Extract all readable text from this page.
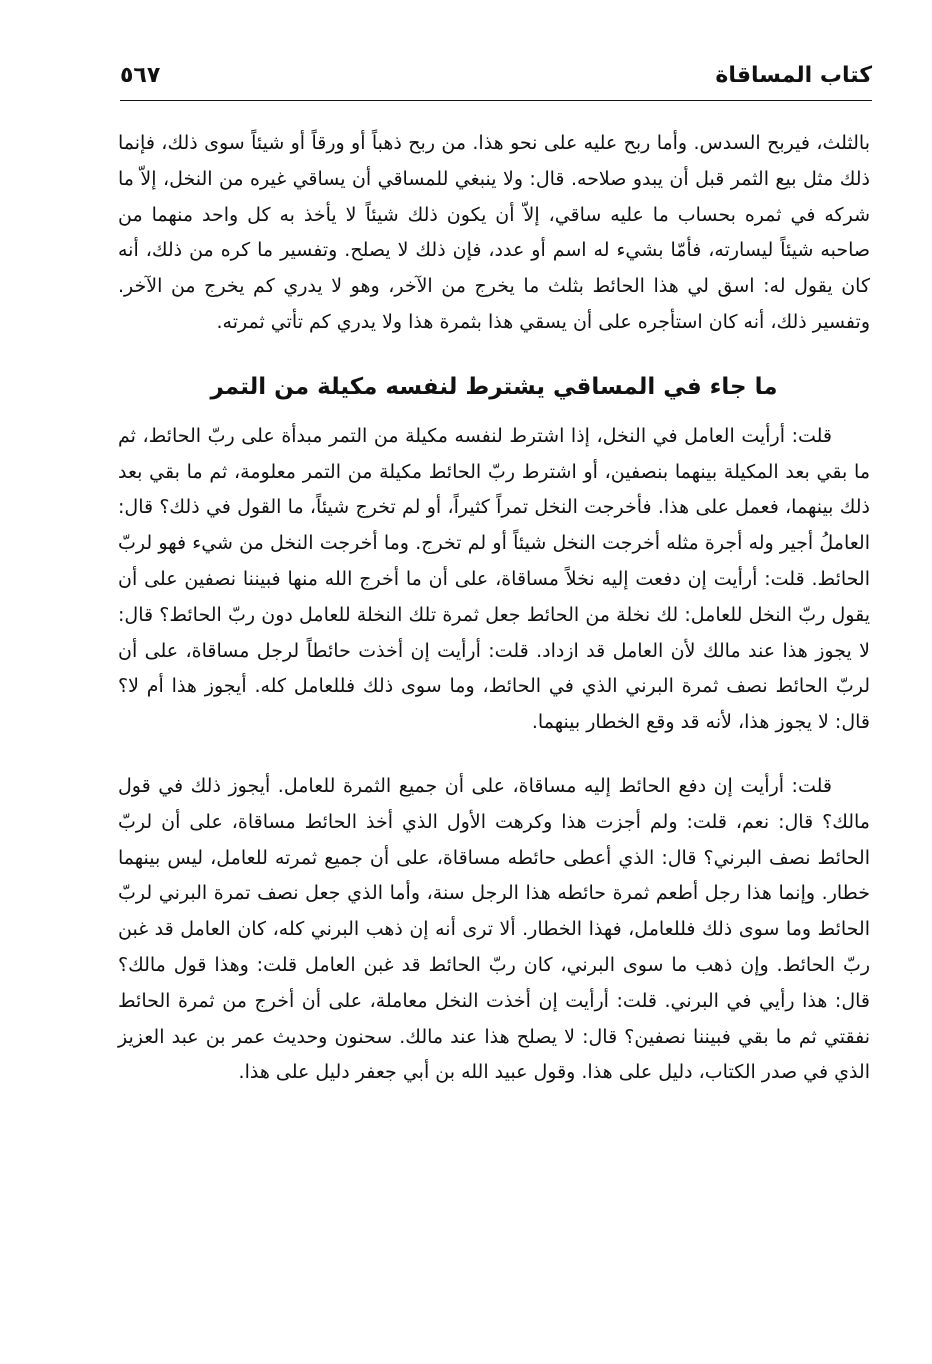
كتاب المساقاة
٥٦٧

بالثلث، فيربح السدس. وأما ربح عليه على نحو هذا. من ربح ذهباً أو ورقاً أو شيئاً سوى ذلك، فإنما ذلك مثل بيع الثمر قبل أن يبدو صلاحه. قال: ولا ينبغي للمساقي أن يساقي غيره من النخل، إلاّ ما شركه في ثمره بحساب ما عليه ساقي، إلاّ أن يكون ذلك شيئاً لا يأخذ به كل واحد منهما من صاحبه شيئاً ليسارته، فأمّا بشيء له اسم أو عدد، فإن ذلك لا يصلح. وتفسير ما كره من ذلك، أنه كان يقول له: اسق لي هذا الحائط بثلث ما يخرج من الآخر، وهو لا يدري كم يخرج من الآخر. وتفسير ذلك، أنه كان استأجره على أن يسقي هذا بثمرة هذا ولا يدري كم تأتي ثمرته.

ما جاء في المساقي يشترط لنفسه مكيلة من التمر

قلت: أرأيت العامل في النخل، إذا اشترط لنفسه مكيلة من التمر مبدأة على ربّ الحائط، ثم ما بقي بعد المكيلة بينهما بنصفين، أو اشترط ربّ الحائط مكيلة من التمر معلومة، ثم ما بقي بعد ذلك بينهما، فعمل على هذا. فأخرجت النخل تمراً كثيراً، أو لم تخرج شيئاً، ما القول في ذلك؟ قال: العاملُ أجير وله أجرة مثله أخرجت النخل شيئاً أو لم تخرج. وما أخرجت النخل من شيء فهو لربّ الحائط. قلت: أرأيت إن دفعت إليه نخلاً مساقاة، على أن ما أخرج الله منها فبيننا نصفين على أن يقول ربّ النخل للعامل: لك نخلة من الحائط جعل ثمرة تلك النخلة للعامل دون ربّ الحائط؟ قال: لا يجوز هذا عند مالك لأن العامل قد ازداد. قلت: أرأيت إن أخذت حائطاً لرجل مساقاة، على أن لربّ الحائط نصف ثمرة البرني الذي في الحائط، وما سوى ذلك فللعامل كله. أيجوز هذا أم لا؟ قال: لا يجوز هذا، لأنه قد وقع الخطار بينهما.

قلت: أرأيت إن دفع الحائط إليه مساقاة، على أن جميع الثمرة للعامل. أيجوز ذلك في قول مالك؟ قال: نعم، قلت: ولم أجزت هذا وكرهت الأول الذي أخذ الحائط مساقاة، على أن لربّ الحائط نصف البرني؟ قال: الذي أعطى حائطه مساقاة، على أن جميع ثمرته للعامل، ليس بينهما خطار. وإنما هذا رجل أطعم ثمرة حائطه هذا الرجل سنة، وأما الذي جعل نصف تمرة البرني لربّ الحائط وما سوى ذلك فللعامل، فهذا الخطار. ألا ترى أنه إن ذهب البرني كله، كان العامل قد غبن ربّ الحائط. وإن ذهب ما سوى البرني، كان ربّ الحائط قد غبن العامل قلت: وهذا قول مالك؟ قال: هذا رأيي في البرني. قلت: أرأيت إن أخذت النخل معاملة، على أن أخرج من ثمرة الحائط نفقتي ثم ما بقي فبيننا نصفين؟ قال: لا يصلح هذا عند مالك. سحنون وحديث عمر بن عبد العزيز الذي في صدر الكتاب، دليل على هذا. وقول عبيد الله بن أبي جعفر دليل على هذا.
